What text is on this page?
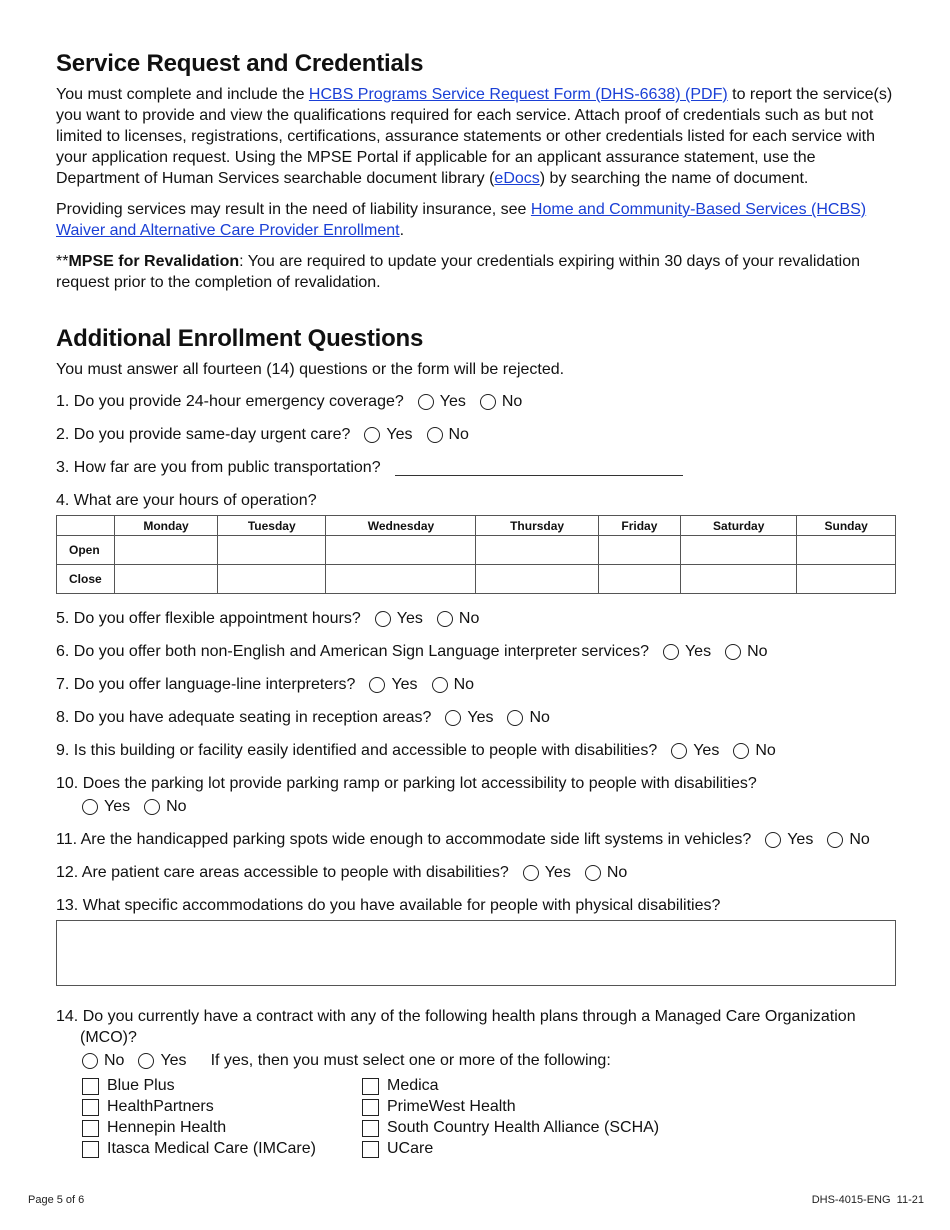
Service Request and Credentials

You must complete and include the HCBS Programs Service Request Form (DHS-6638) (PDF) to report the service(s) you want to provide and view the qualifications required for each service. Attach proof of credentials such as but not limited to licenses, registrations, certifications, assurance statements or other credentials listed for each service with your application request. Using the MPSE Portal if applicable for an applicant assurance statement, use the Department of Human Services searchable document library (eDocs) by searching the name of document.

Providing services may result in the need of liability insurance, see Home and Community-Based Services (HCBS) Waiver and Alternative Care Provider Enrollment.

**MPSE for Revalidation: You are required to update your credentials expiring within 30 days of your revalidation request prior to the completion of revalidation.

Additional Enrollment Questions

You must answer all fourteen (14) questions or the form will be rejected.

1. Do you provide 24-hour emergency coverage? Yes No
2. Do you provide same-day urgent care? Yes No
3. How far are you from public transportation?
4. What are your hours of operation?
	Monday	Tuesday	Wednesday	Thursday	Friday	Saturday	Sunday
Open							
Close							
5. Do you offer flexible appointment hours? Yes No
6. Do you offer both non-English and American Sign Language interpreter services? Yes No
7. Do you offer language-line interpreters? Yes No
8. Do you have adequate seating in reception areas? Yes No
9. Is this building or facility easily identified and accessible to people with disabilities? Yes No
10. Does the parking lot provide parking ramp or parking lot accessibility to people with disabilities?
Yes No
11. Are the handicapped parking spots wide enough to accommodate side lift systems in vehicles? Yes No
12. Are patient care areas accessible to people with disabilities? Yes No
13. What specific accommodations do you have available for people with physical disabilities?
14. Do you currently have a contract with any of the following health plans through a Managed Care Organization (MCO)?
No Yes If yes, then you must select one or more of the following:
Blue Plus	Medica
HealthPartners	PrimeWest Health
Hennepin Health	South Country Health Alliance (SCHA)
Itasca Medical Care (IMCare)	UCare
Page 5 of 6	DHS-4015-ENG  11-21
